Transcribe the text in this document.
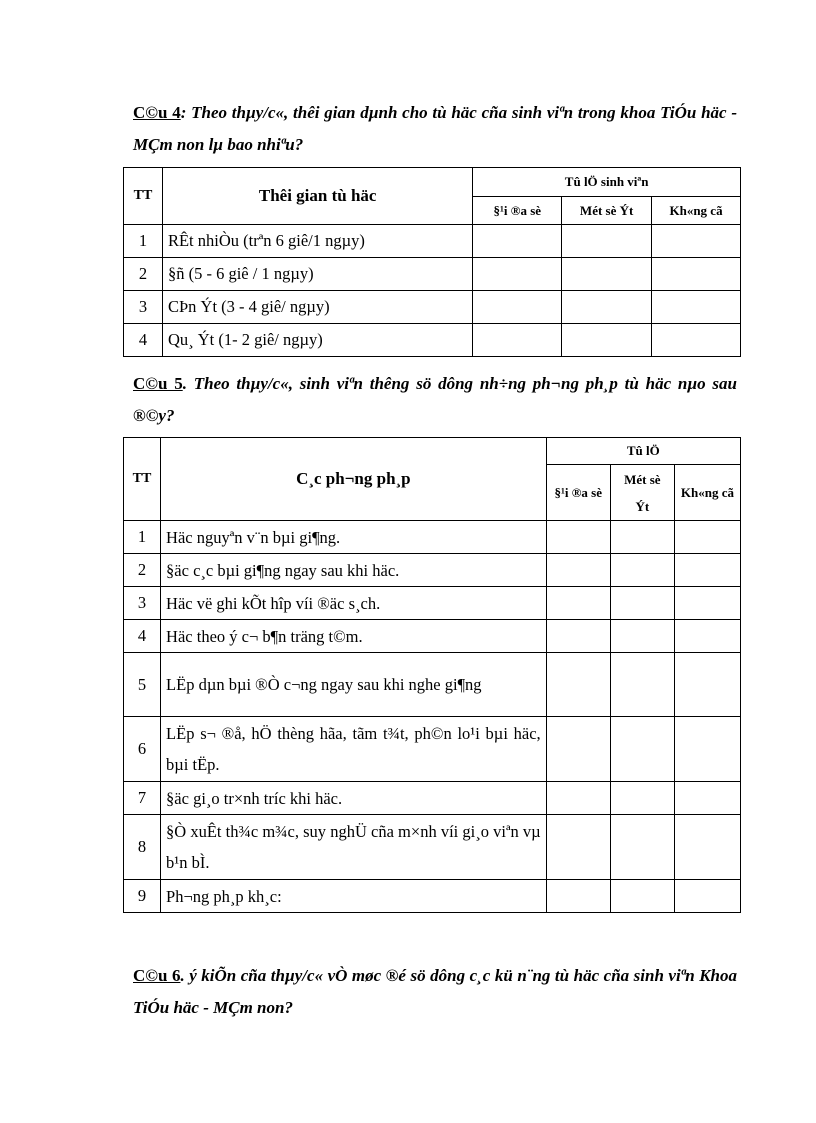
C©u 4: Theo thµy/c«, thêi gian dµnh cho tù häc cña sinh viªn trong khoa TiÓu häc - MÇm non lµ bao nhiªu?
TT	Thêi gian tù häc	Tû lÖ sinh viªn		
		§¹i ®a sè	Mét sè Ýt	Kh«ng cã
1	RÊt nhiÒu (trªn 6 giê/1 ngµy)			
2	§ñ (5 - 6 giê / 1 ngµy)			
3	CÞn Ýt (3 - 4 giê/ ngµy)			
4	Qu¸ Ýt (1- 2 giê/ ngµy)			
C©u 5. Theo thµy/c«, sinh viªn thêng sö dông nh÷ng ph¬ng ph¸p tù häc nµo sau ®©y?
TT	C¸c ph¬ng ph¸p	Tû lÖ		
		§¹i ®a sè	Mét sè Ýt	Kh«ng cã
1	Häc nguyªn v¨n bµi gi¶ng.			
2	§äc c¸c bµi gi¶ng ngay sau khi häc.			
3	Häc vë ghi kÕt hîp víi ®äc s¸ch.			
4	Häc theo ý c¬ b¶n träng t©m.			
5	LËp dµn bµi ®Ò c¬ng ngay sau khi nghe gi¶ng			
6	LËp s¬ ®å, hÖ thèng hãa, tãm t¾t, ph©n lo¹i bµi häc, bµi tËp.			
7	§äc gi¸o tr×nh tríc khi häc.			
8	§Ò xuÊt th¾c m¾c, suy nghÜ cña m×nh víi gi¸o viªn vµ b¹n bÌ.			
9	Ph¬ng ph¸p kh¸c:			
C©u 6. ý kiÕn cña thµy/c« vÒ møc ®é sö dông c¸c kü n¨ng tù häc cña sinh viªn Khoa TiÓu häc - MÇm non?
